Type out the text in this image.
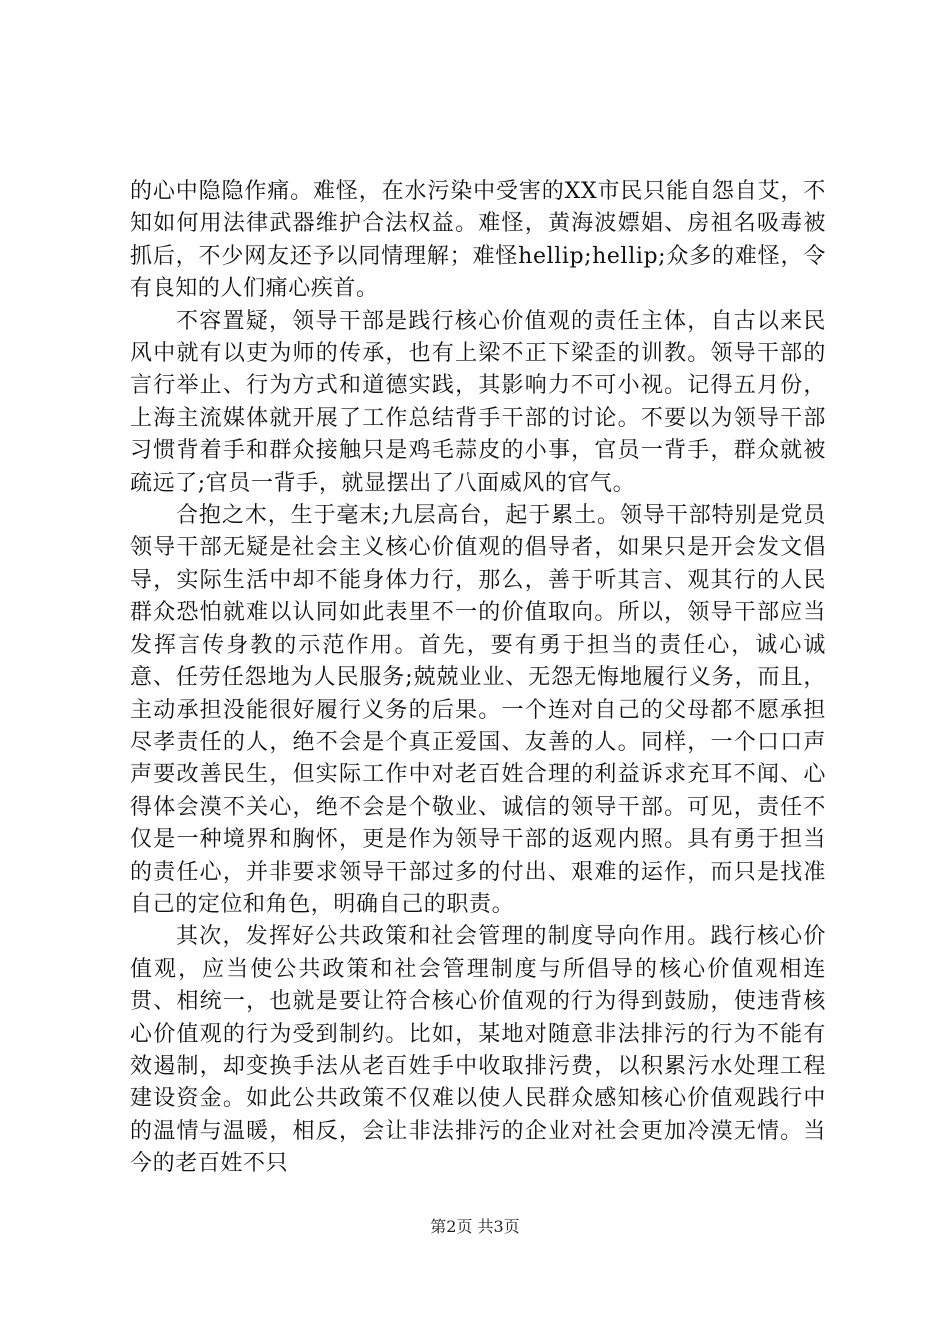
的心中隐隐作痛。难怪，在水污染中受害的XX市民只能自怨自艾，不知如何用法律武器维护合法权益。难怪，黄海波嫖娼、房祖名吸毒被抓后，不少网友还予以同情理解；难怪hellip;hellip;众多的难怪，令有良知的人们痛心疾首。

不容置疑，领导干部是践行核心价值观的责任主体，自古以来民风中就有以吏为师的传承，也有上梁不正下梁歪的训教。领导干部的言行举止、行为方式和道德实践，其影响力不可小视。记得五月份，上海主流媒体就开展了工作总结背手干部的讨论。不要以为领导干部习惯背着手和群众接触只是鸡毛蒜皮的小事，官员一背手，群众就被疏远了;官员一背手，就显摆出了八面威风的官气。

合抱之木，生于毫末;九层高台，起于累土。领导干部特别是党员领导干部无疑是社会主义核心价值观的倡导者，如果只是开会发文倡导，实际生活中却不能身体力行，那么，善于听其言、观其行的人民群众恐怕就难以认同如此表里不一的价值取向。所以，领导干部应当发挥言传身教的示范作用。首先，要有勇于担当的责任心，诚心诚意、任劳任怨地为人民服务;兢兢业业、无怨无悔地履行义务，而且，主动承担没能很好履行义务的后果。一个连对自己的父母都不愿承担尽孝责任的人，绝不会是个真正爱国、友善的人。同样，一个口口声声要改善民生，但实际工作中对老百姓合理的利益诉求充耳不闻、心得体会漠不关心，绝不会是个敬业、诚信的领导干部。可见，责任不仅是一种境界和胸怀，更是作为领导干部的返观内照。具有勇于担当的责任心，并非要求领导干部过多的付出、艰难的运作，而只是找准自己的定位和角色，明确自己的职责。

其次，发挥好公共政策和社会管理的制度导向作用。践行核心价值观，应当使公共政策和社会管理制度与所倡导的核心价值观相连贯、相统一，也就是要让符合核心价值观的行为得到鼓励，使违背核心价值观的行为受到制约。比如，某地对随意非法排污的行为不能有效遏制，却变换手法从老百姓手中收取排污费，以积累污水处理工程建设资金。如此公共政策不仅难以使人民群众感知核心价值观践行中的温情与温暖，相反，会让非法排污的企业对社会更加冷漠无情。当今的老百姓不只

第2页 共3页
